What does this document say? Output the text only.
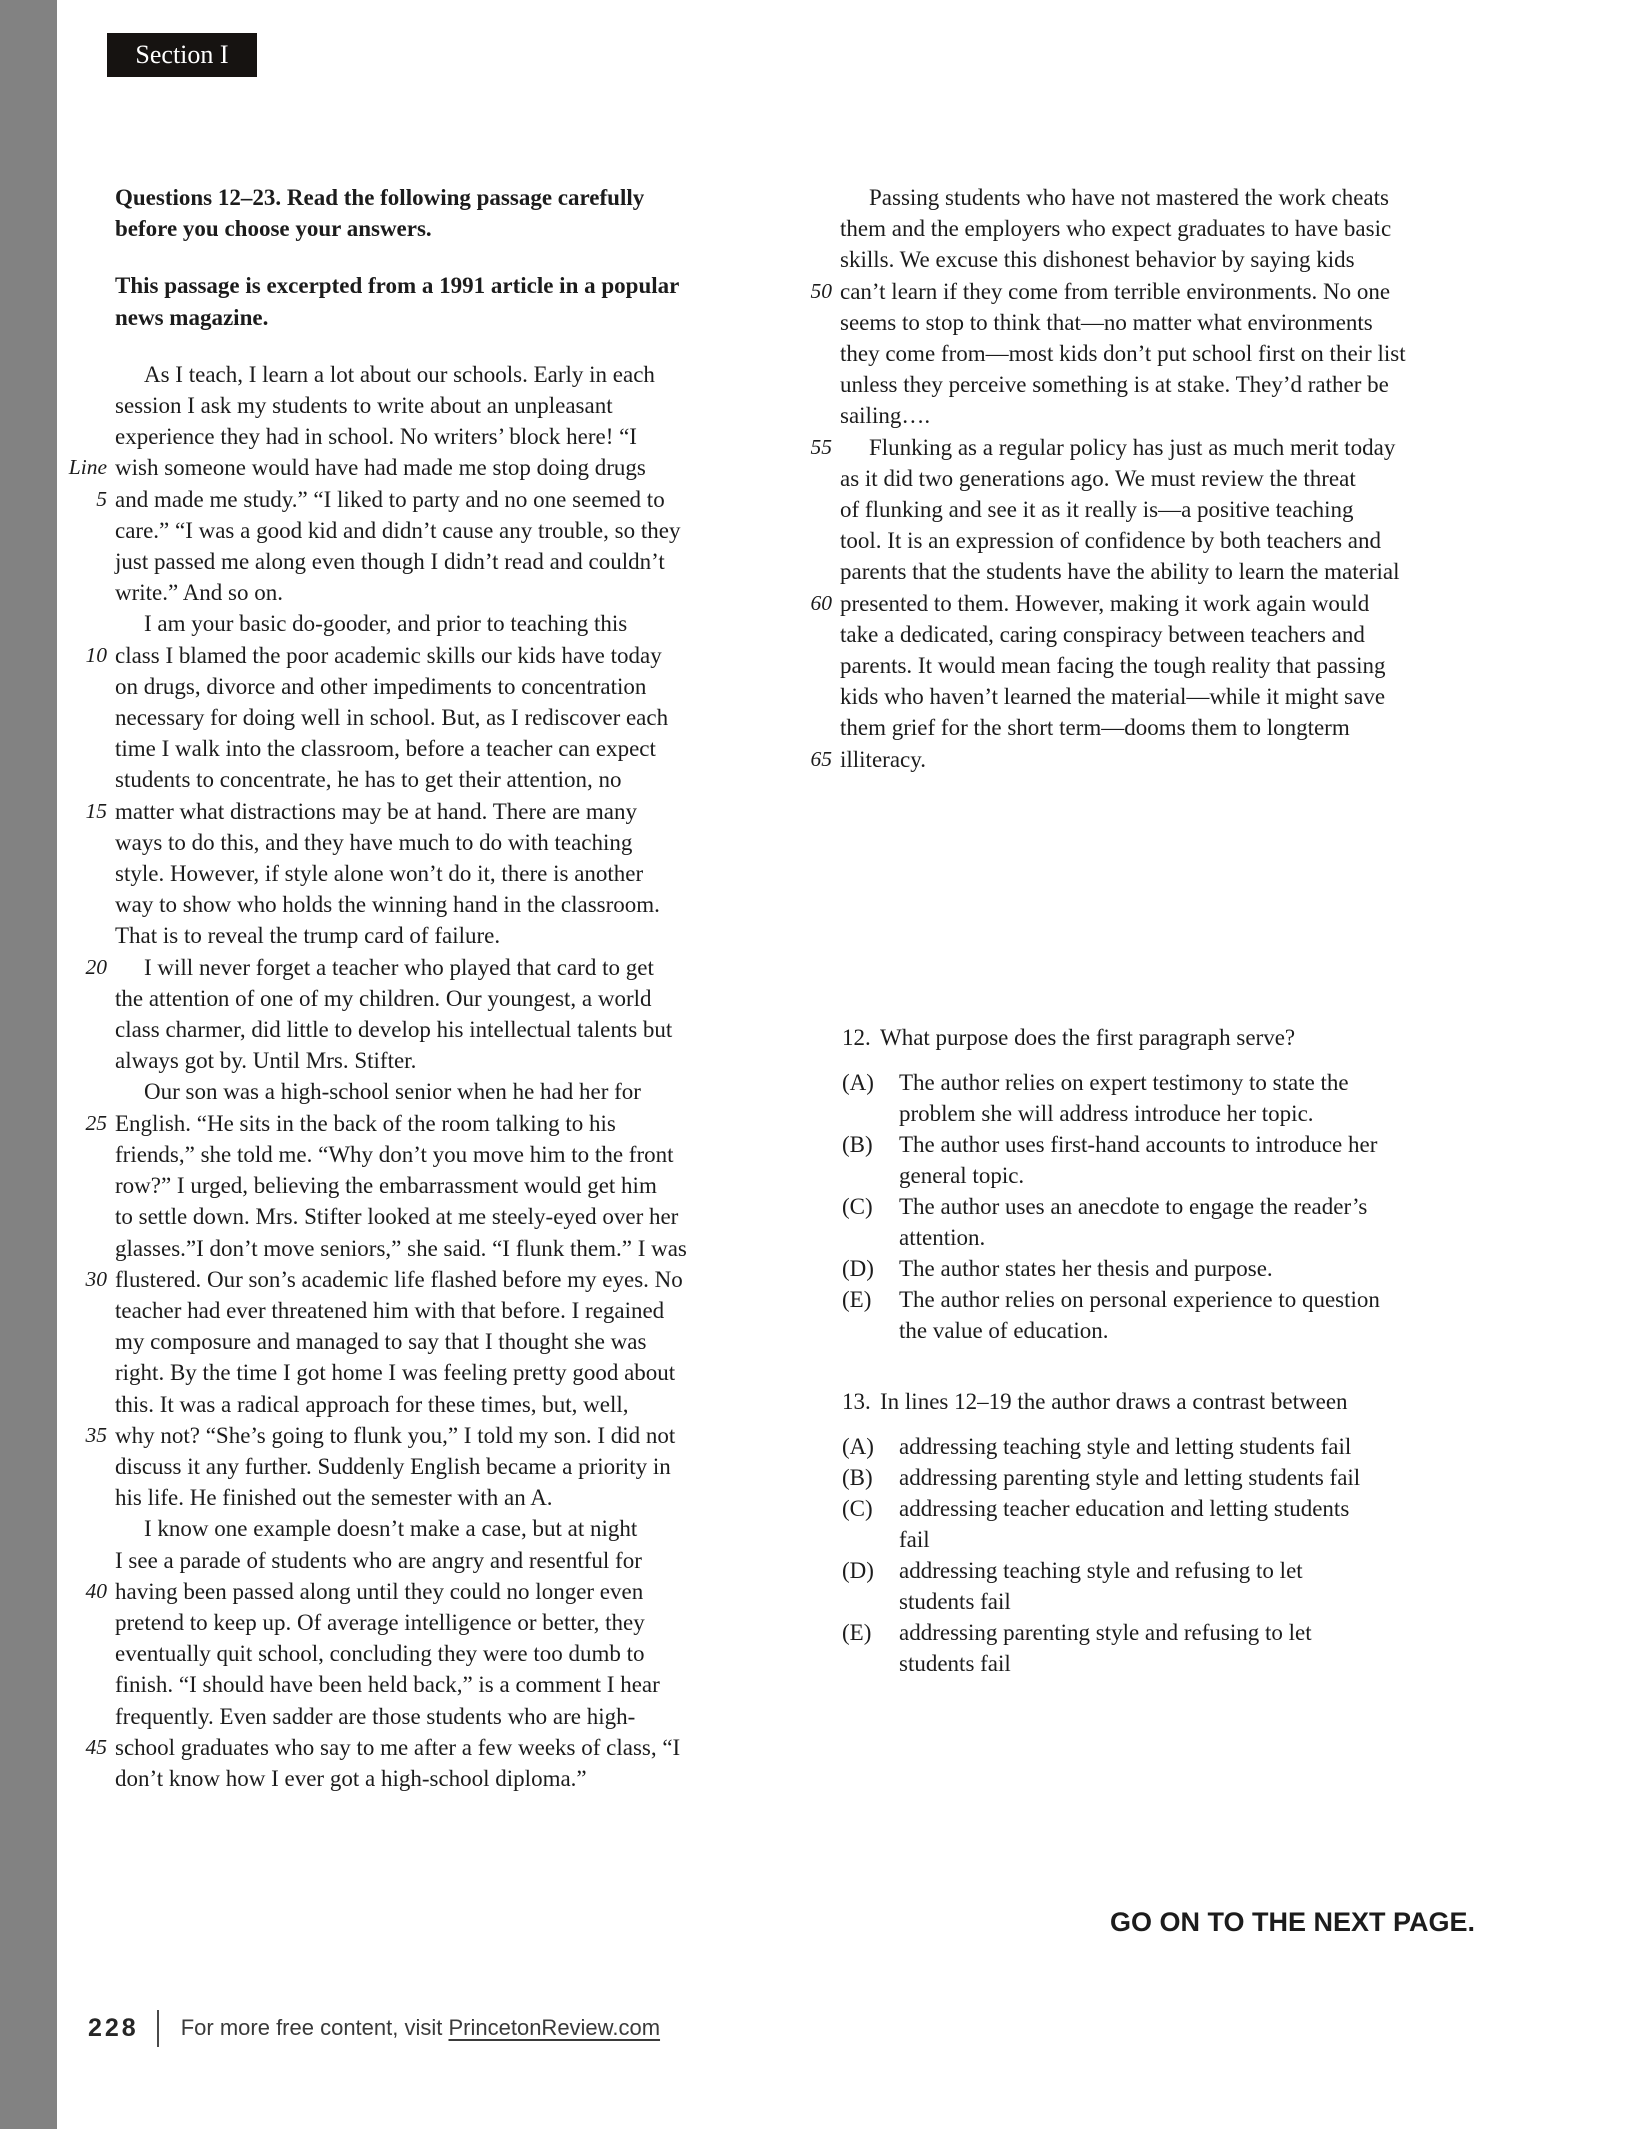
Section I
Questions 12–23. Read the following passage carefully
before you choose your answers.
This passage is excerpted from a 1991 article in a popular
news magazine.
As I teach, I learn a lot about our schools. Early in each
session I ask my students to write about an unpleasant
experience they had in school. No writers’ block here! “I
Line wish someone would have had made me stop doing drugs
5 and made me study.” “I liked to party and no one seemed to
care.” “I was a good kid and didn’t cause any trouble, so they
just passed me along even though I didn’t read and couldn’t
write.” And so on.
I am your basic do-gooder, and prior to teaching this
10 class I blamed the poor academic skills our kids have today
on drugs, divorce and other impediments to concentration
necessary for doing well in school. But, as I rediscover each
time I walk into the classroom, before a teacher can expect
students to concentrate, he has to get their attention, no
15 matter what distractions may be at hand. There are many
ways to do this, and they have much to do with teaching
style. However, if style alone won’t do it, there is another
way to show who holds the winning hand in the classroom.
That is to reveal the trump card of failure.
20	I will never forget a teacher who played that card to get
the attention of one of my children. Our youngest, a world
class charmer, did little to develop his intellectual talents but
always got by. Until Mrs. Stifter.
Our son was a high-school senior when he had her for
25 English. “He sits in the back of the room talking to his
friends,” she told me. “Why don’t you move him to the front
row?” I urged, believing the embarrassment would get him
to settle down. Mrs. Stifter looked at me steely-eyed over her
glasses.”I don’t move seniors,” she said. “I flunk them.” I was
30 flustered. Our son’s academic life flashed before my eyes. No
teacher had ever threatened him with that before. I regained
my composure and managed to say that I thought she was
right. By the time I got home I was feeling pretty good about
this. It was a radical approach for these times, but, well,
35 why not? “She’s going to flunk you,” I told my son. I did not
discuss it any further. Suddenly English became a priority in
his life. He finished out the semester with an A.
I know one example doesn’t make a case, but at night
I see a parade of students who are angry and resentful for
40 having been passed along until they could no longer even
pretend to keep up. Of average intelligence or better, they
eventually quit school, concluding they were too dumb to
finish. “I should have been held back,” is a comment I hear
frequently. Even sadder are those students who are high-
45 school graduates who say to me after a few weeks of class, “I
don’t know how I ever got a high-school diploma.”
Passing students who have not mastered the work cheats
them and the employers who expect graduates to have basic
skills. We excuse this dishonest behavior by saying kids
50 can’t learn if they come from terrible environments. No one
seems to stop to think that—no matter what environments
they come from—most kids don’t put school first on their list
unless they perceive something is at stake. They’d rather be
sailing….
55	Flunking as a regular policy has just as much merit today
as it did two generations ago. We must review the threat
of flunking and see it as it really is—a positive teaching
tool. It is an expression of confidence by both teachers and
parents that the students have the ability to learn the material
60 presented to them. However, making it work again would
take a dedicated, caring conspiracy between teachers and
parents. It would mean facing the tough reality that passing
kids who haven’t learned the material—while it might save
them grief for the short term—dooms them to longterm
65 illiteracy.
12. What purpose does the first paragraph serve?
(A)	The author relies on expert testimony to state the
problem she will address introduce her topic.
(B)	The author uses first-hand accounts to introduce her
general topic.
(C)	The author uses an anecdote to engage the reader’s
attention.
(D)	The author states her thesis and purpose.
(E)	The author relies on personal experience to question
the value of education.
13. In lines 12–19 the author draws a contrast between
(A)	addressing teaching style and letting students fail
(B)	addressing parenting style and letting students fail
(C)	addressing teacher education and letting students
fail
(D)	addressing teaching style and refusing to let
students fail
(E)	addressing parenting style and refusing to let
students fail
GO ON TO THE NEXT PAGE.
228 For more free content, visit PrincetonReview.com
